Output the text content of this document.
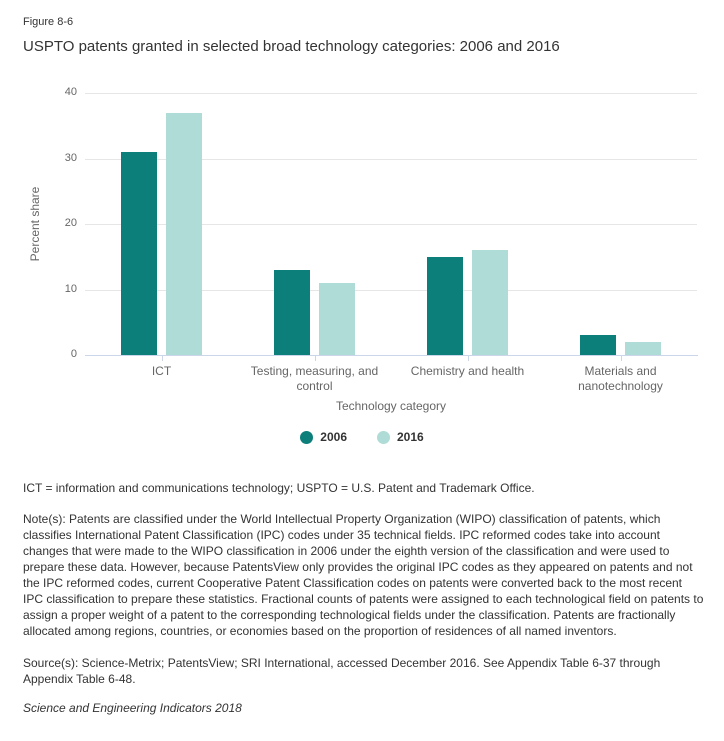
Figure 8-6
USPTO patents granted in selected broad technology categories: 2006 and 2016
Percent share
Technology category
2006	2016
0
10
20
30
40
ICT	Testing, measuring, and control
Chemistry and health	Materials and nanotechnology

ICT = information and communications technology; USPTO = U.S. Patent and Trademark Office.

Note(s): Patents are classified under the World Intellectual Property Organization (WIPO) classification of patents, which classifies International Patent Classification (IPC) codes under 35 technical fields. IPC reformed codes take into account changes that were made to the WIPO classification in 2006 under the eighth version of the classification and were used to prepare these data. However, because PatentsView only provides the original IPC codes as they appeared on patents and not the IPC reformed codes, current Cooperative Patent Classification codes on patents were converted back to the most recent IPC classification to prepare these statistics. Fractional counts of patents were assigned to each technological field on patents to assign a proper weight of a patent to the corresponding technological fields under the classification. Patents are fractionally allocated among regions, countries, or economies based on the proportion of residences of all named inventors.

Source(s): Science-Metrix; PatentsView; SRI International, accessed December 2016. See Appendix Table 6-37 through Appendix Table 6-48.

Science and Engineering Indicators 2018
